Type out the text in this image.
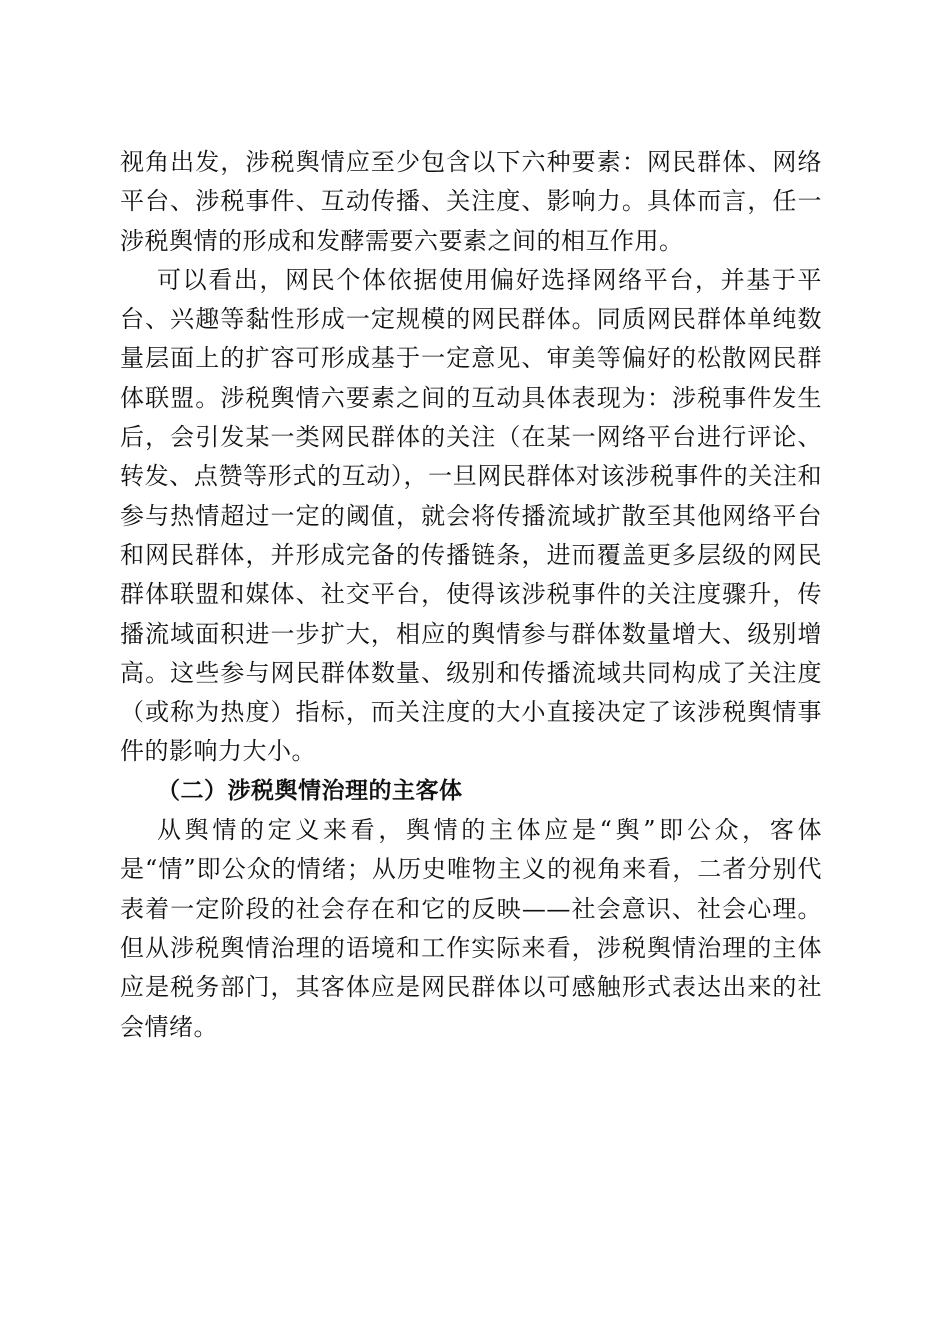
视角出发，涉税舆情应至少包含以下六种要素：网民群体、网络平台、涉税事件、互动传播、关注度、影响力。具体而言，任一涉税舆情的形成和发酵需要六要素之间的相互作用。

可以看出，网民个体依据使用偏好选择网络平台，并基于平台、兴趣等黏性形成一定规模的网民群体。同质网民群体单纯数量层面上的扩容可形成基于一定意见、审美等偏好的松散网民群体联盟。涉税舆情六要素之间的互动具体表现为：涉税事件发生后，会引发某一类网民群体的关注（在某一网络平台进行评论、转发、点赞等形式的互动），一旦网民群体对该涉税事件的关注和参与热情超过一定的阈值，就会将传播流域扩散至其他网络平台和网民群体，并形成完备的传播链条，进而覆盖更多层级的网民群体联盟和媒体、社交平台，使得该涉税事件的关注度骤升，传播流域面积进一步扩大，相应的舆情参与群体数量增大、级别增高。这些参与网民群体数量、级别和传播流域共同构成了关注度（或称为热度）指标，而关注度的大小直接决定了该涉税舆情事件的影响力大小。

（二）涉税舆情治理的主客体

从舆情的定义来看，舆情的主体应是“舆”即公众，客体是“情”即公众的情绪；从历史唯物主义的视角来看，二者分别代表着一定阶段的社会存在和它的反映——社会意识、社会心理。但从涉税舆情治理的语境和工作实际来看，涉税舆情治理的主体应是税务部门，其客体应是网民群体以可感触形式表达出来的社会情绪。
